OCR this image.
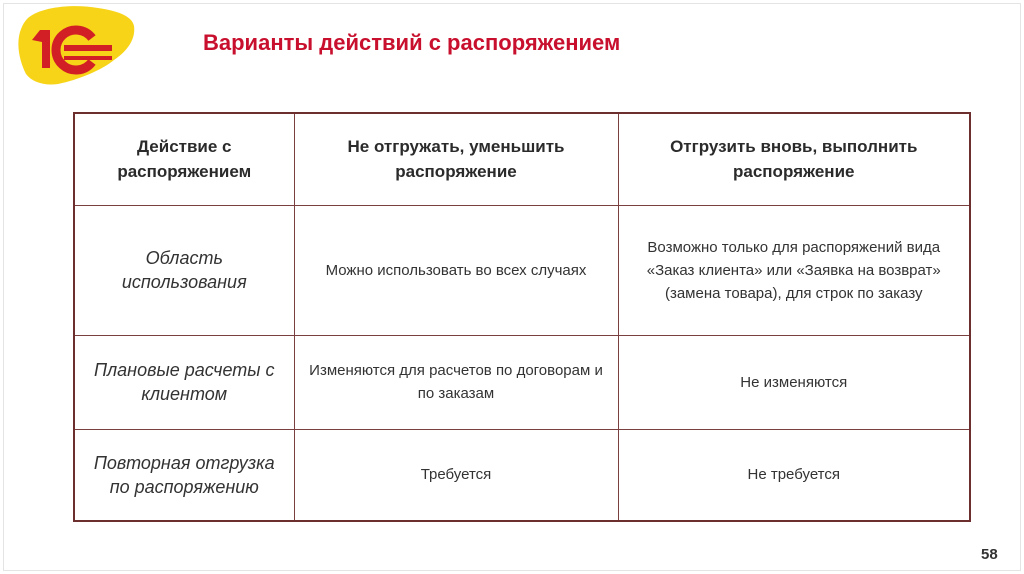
Варианты действий с распоряжением
Действие с распоряжением	Не отгружать, уменьшить распоряжение	Отгрузить вновь, выполнить распоряжение
Область использования	Можно использовать во всех случаях	Возможно только для распоряжений вида «Заказ клиента» или «Заявка на возврат» (замена товара), для строк по заказу
Плановые расчеты с клиентом	Изменяются для расчетов по договорам и по заказам	Не изменяются
Повторная отгрузка по распоряжению	Требуется	Не требуется
58
